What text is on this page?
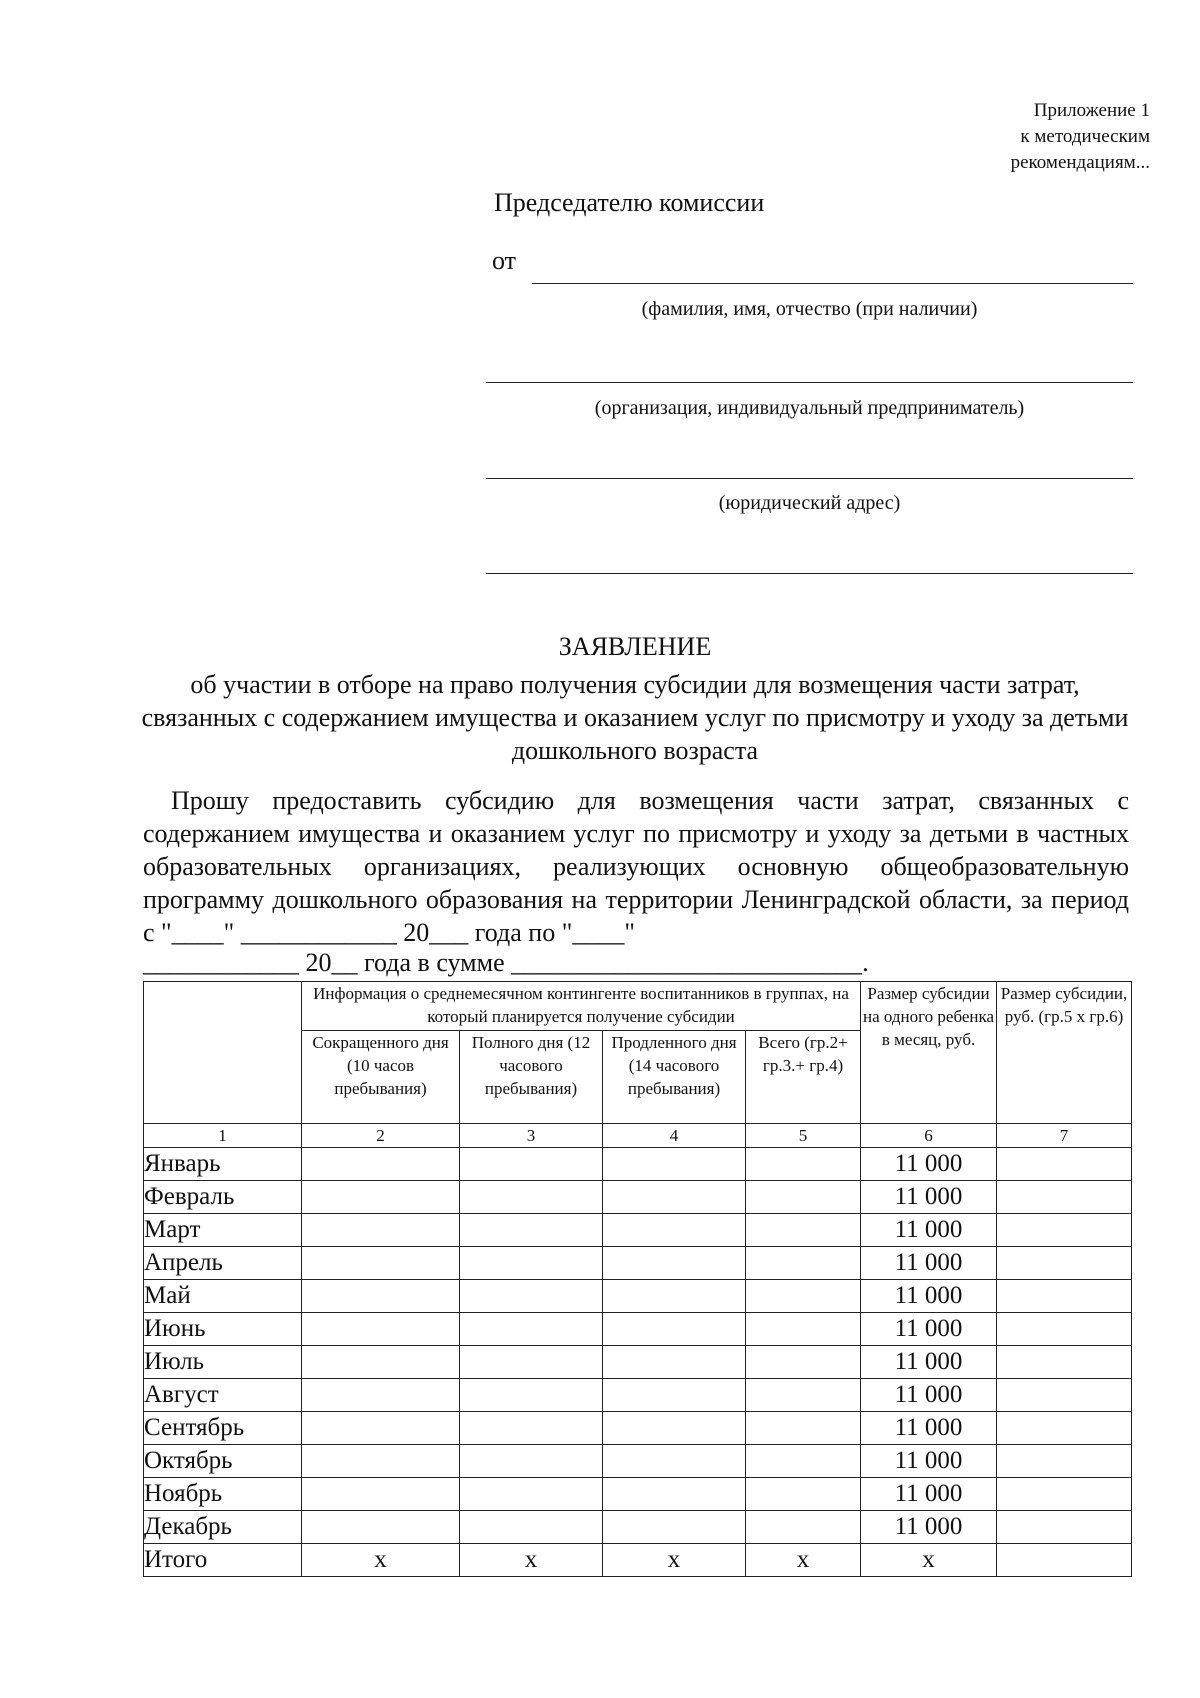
Приложение 1
к методическим
рекомендациям...
Председателю комиссии
от
(фамилия, имя, отчество (при наличии)
(организация, индивидуальный предприниматель)
(юридический адрес)
ЗАЯВЛЕНИЕ
об участии в отборе на право получения субсидии для возмещения части затрат, связанных с содержанием имущества и оказанием услуг по присмотру и уходу за детьми дошкольного возраста
Прошу предоставить субсидию для возмещения части затрат, связанных с содержанием имущества и оказанием услуг по присмотру и уходу за детьми в частных образовательных организациях, реализующих основную общеобразовательную программу дошкольного образования на территории Ленинградской области, за период с "____" ____________ 20___ года по "____"
____________ 20__ года в сумме ___________________________.
	Информация о среднемесячном контингенте воспитанников в группах, на который планируется получение субсидии				Размер субсидии на одного ребенка в месяц, руб.	Размер субсидии, руб. (гр.5 х гр.6)
	Сокращенного дня (10 часов пребывания)	Полного дня (12 часового пребывания)	Продленного дня (14 часового пребывания)	Всего (гр.2+ гр.3.+ гр.4)		
1	2	3	4	5	6	7
Январь					11 000	
Февраль					11 000	
Март					11 000	
Апрель					11 000	
Май					11 000	
Июнь					11 000	
Июль					11 000	
Август					11 000	
Сентябрь					11 000	
Октябрь					11 000	
Ноябрь					11 000	
Декабрь					11 000	
Итого	х	х	х	х	х	
